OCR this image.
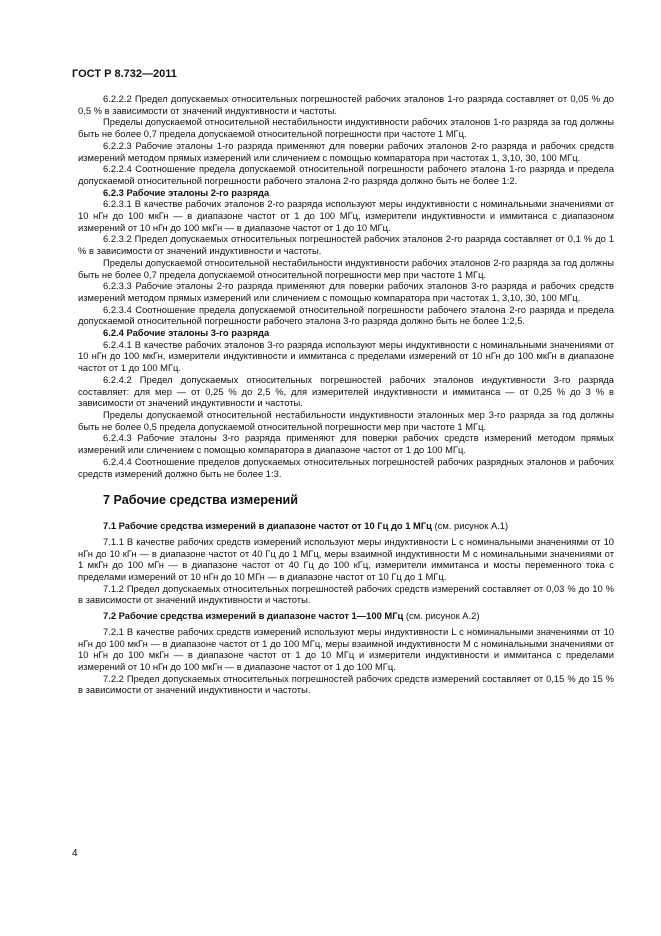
ГОСТ Р 8.732—2011

6.2.2.2 Предел допускаемых относительных погрешностей рабочих эталонов 1-го разряда составляет от 0,05 % до 0,5 % в зависимости от значений индуктивности и частоты.

Пределы допускаемой относительной нестабильности индуктивности рабочих эталонов 1-го разряда за год должны быть не более 0,7 предела допускаемой относительной погрешности при частоте 1 МГц.

6.2.2.3 Рабочие эталоны 1-го разряда применяют для поверки рабочих эталонов 2-го разряда и рабочих средств измерений методом прямых измерений или сличением с помощью компаратора при частотах 1, 3,10, 30, 100 МГц.

6.2.2.4 Соотношение предела допускаемой относительной погрешности рабочего эталона 1-го разряда и предела допускаемой относительной погрешности рабочего эталона 2-го разряда должно быть не более 1:2.

6.2.3 Рабочие эталоны 2-го разряда

6.2.3.1 В качестве рабочих эталонов 2-го разряда используют меры индуктивности с номинальными значениями от 10 нГн до 100 мкГн — в диапазоне частот от 1 до 100 МГц, измерители индуктивности и иммитанса с диапазоном измерений от 10 нГн до 100 мкГн — в диапазоне частот от 1 до 10 МГц.

6.2.3.2 Предел допускаемых относительных погрешностей рабочих эталонов 2-го разряда составляет от 0,1 % до 1 % в зависимости от значений индуктивности и частоты.

Пределы допускаемой относительной нестабильности индуктивности рабочих эталонов 2-го разряда за год должны быть не более 0,7 предела допускаемой относительной погрешности мер при частоте 1 МГц.

6.2.3.3 Рабочие эталоны 2-го разряда применяют для поверки рабочих эталонов 3-го разряда и рабочих средств измерений методом прямых измерений или сличением с помощью компаратора при частотах 1, 3,10, 30, 100 МГц.

6.2.3.4 Соотношение предела допускаемой относительной погрешности рабочего эталона 2-го разряда и предела допускаемой относительной погрешности рабочего эталона 3-го разряда должно быть не более 1:2,5.

6.2.4 Рабочие эталоны 3-го разряда

6.2.4.1 В качестве рабочих эталонов 3-го разряда используют меры индуктивности с номинальными значениями от 10 нГн до 100 мкГн, измерители индуктивности и иммитанса с пределами измерений от 10 нГн до 100 мкГн в диапазоне частот от 1 до 100 МГц.

6.2.4.2 Предел допускаемых относительных погрешностей рабочих эталонов индуктивности 3-го разряда составляет: для мер — от 0,25 % до 2,5 %, для измерителей индуктивности и иммитанса — от 0,25 % до 3 % в зависимости от значений индуктивности и частоты.

Пределы допускаемой относительной нестабильности индуктивности эталонных мер 3-го разряда за год должны быть не более 0,5 предела допускаемой относительной погрешности мер при частоте 1 МГц.

6.2.4.3 Рабочие эталоны 3-го разряда применяют для поверки рабочих средств измерений методом прямых измерений или сличением с помощью компаратора в диапазоне частот от 1 до 100 МГц.

6.2.4.4 Соотношение пределов допускаемых относительных погрешностей рабочих разрядных эталонов и рабочих средств измерений должно быть не более 1:3.

7 Рабочие средства измерений

7.1 Рабочие средства измерений в диапазоне частот от 10 Гц до 1 МГц (см. рисунок А.1)

7.1.1 В качестве рабочих средств измерений используют меры индуктивности L с номинальными значениями от 10 нГн до 10 кГн — в диапазоне частот от 40 Гц до 1 МГц, меры взаимной индуктивности M с номинальными значениями от 1 мкГн до 100 мГн — в диапазоне частот от 40 Гц до 100 кГц, измерители иммитанса и мосты переменного тока с пределами измерений от 10 нГн до 10 МГн — в диапазоне частот от 10 Гц до 1 МГц.

7.1.2 Предел допускаемых относительных погрешностей рабочих средств измерений составляет от 0,03 % до 10 % в зависимости от значений индуктивности и частоты.

7.2 Рабочие средства измерений в диапазоне частот 1—100 МГц (см. рисунок А.2)

7.2.1 В качестве рабочих средств измерений используют меры индуктивности L с номинальными значениями от 10 нГн до 100 мкГн — в диапазоне частот от 1 до 100 МГц, меры взаимной индуктивности M с номинальными значениями от 10 нГн до 100 мкГн — в диапазоне частот от 1 до 10 МГц и измерители индуктивности и иммитанса с пределами измерений от 10 нГн до 100 мкГн — в диапазоне частот от 1 до 100 МГц.

7.2.2 Предел допускаемых относительных погрешностей рабочих средств измерений составляет от 0,15 % до 15 % в зависимости от значений индуктивности и частоты.

4
